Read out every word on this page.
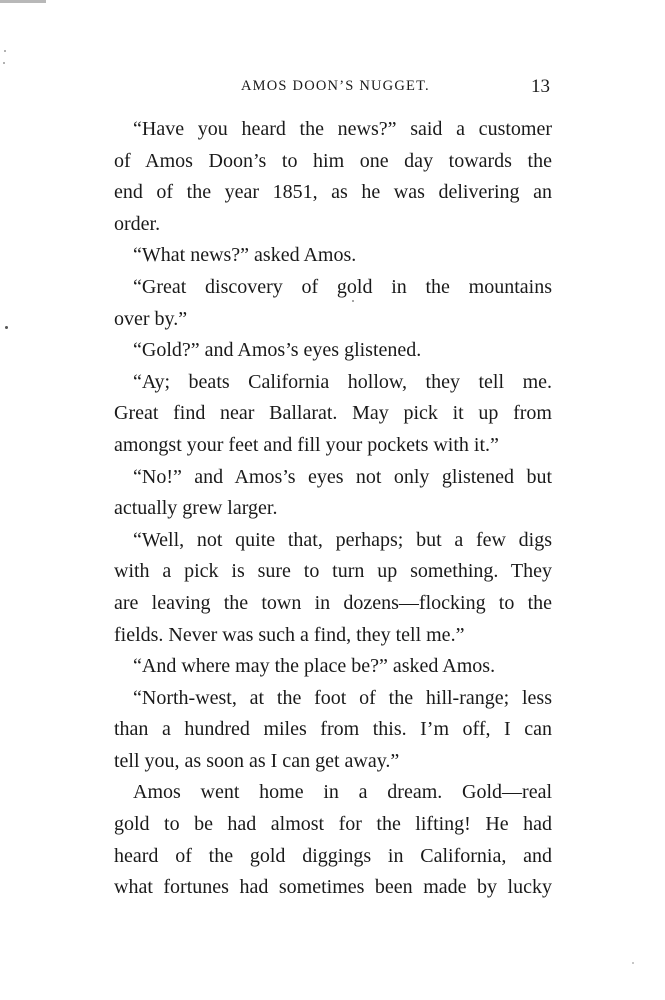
AMOS DOON’S NUGGET.	13
“Have you heard the news?” said a customer
of Amos Doon’s to him one day towards the
end of the year 1851, as he was delivering an
order.
“What news?” asked Amos.
“Great discovery of gold in the mountains
over by.”
“Gold?” and Amos’s eyes glistened.
“Ay; beats California hollow, they tell me.
Great find near Ballarat. May pick it up from
amongst your feet and fill your pockets with it.”
“No!” and Amos’s eyes not only glistened but
actually grew larger.
“Well, not quite that, perhaps; but a few digs
with a pick is sure to turn up something. They
are leaving the town in dozens—flocking to the
fields. Never was such a find, they tell me.”
“And where may the place be?” asked Amos.
“North-west, at the foot of the hill-range; less
than a hundred miles from this. I’m off, I can
tell you, as soon as I can get away.”
Amos went home in a dream. Gold—real
gold to be had almost for the lifting! He had
heard of the gold diggings in California, and
what fortunes had sometimes been made by lucky
